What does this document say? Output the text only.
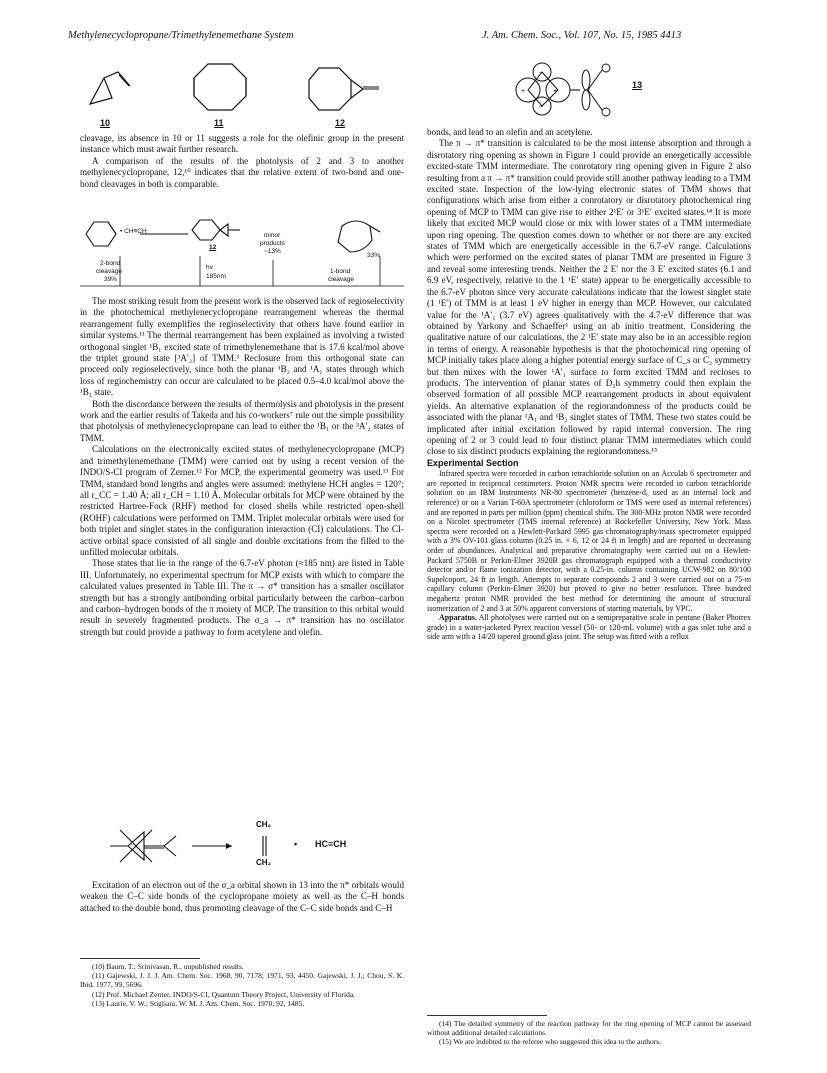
Methylenecyclopropane/Trimethylenemethane System	J. Am. Chem. Soc., Vol. 107, No. 15, 1985 4413
10	11	12

cleavage, its absence in 10 or 11 suggests a role for the olefinic group in the present instance which must await further research.

A comparison of the results of the photolysis of 2 and 3 to another methylenecyclopropane, 12,¹⁰ indicates that the relative extent of two-bond and one-bond cleavages in both is comparable.

• CH≡CH
12
minor
products
~13%
33%
2-bond
cleavage
39%
hν
185nm
1-bond
cleavage

The most striking result from the present work is the observed lack of regioselectivity in the photochemical methylenecyclopropane rearrangement whereas the thermal rearrangement fully exemplifies the regioselectivity that others have found earlier in similar systems.¹¹ The thermal rearrangement has been explained as involving a twisted orthogonal singlet ¹B₁ excited state of trimethylenemethane that is 17.6 kcal/mol above the triplet ground state [³A′₂] of TMM.³ Reclosure from this orthogonal state can proceed only regioselectively, since both the planar ¹B₂ and ¹A₁ states through which loss of regiochemistry can occur are calculated to be placed 0.5–4.0 kcal/mol above the ¹B₁ state.

Both the discordance between the results of thermolysis and photolysis in the present work and the earlier results of Takeda and his co-workers⁷ rule out the simple possibility that photolysis of methylenecyclopropane can lead to either the ¹B₁ or the ³A′₂ states of TMM.

Calculations on the electronically excited states of methylenecyclopropane (MCP) and trimethylenemethane (TMM) were carried out by using a recent version of the INDO/S-CI program of Zerner.¹² For MCP, the experimental geometry was used.¹³ For TMM, standard bond lengths and angles were assumed: methylene HCH angles = 120°; all r_CC = 1.40 Å; all r_CH = 1.10 Å. Molecular orbitals for MCP were obtained by the restricted Hartree-Fock (RHF) method for closed shells while restricted open-shell (ROHF) calculations were performed on TMM. Triplet molecular orbitals were used for both triplet and singlet states in the configuration interaction (CI) calculations. The CI-active orbital space consisted of all single and double excitations from the filled to the unfilled molecular orbitals.

Those states that lie in the range of the 6.7-eV photon (≈185 nm) are listed in Table III. Unfortunately, no experimental spectrum for MCP exists with which to compare the calculated values presented in Table III. The π → σ* transition has a smaller oscillator strength but has a strongly antibonding orbital particularly between the carbon–carbon and carbon–hydrogen bonds of the π moiety of MCP. The transition to this orbital would result in severely fragmented products. The σ_a → π* transition has no oscillator strength but could provide a pathway to form acetylene and olefin.

CH₂
CH₂
• HC≡CH

Excitation of an electron out of the σ_a orbital shown in 13 into the π* orbitals would weaken the C–C side bonds of the cyclopropane moiety as well as the C–H bonds attached to the double bond, thus promoting cleavage of the C–C side bonds and C–H

(10) Baum, T.; Srinivasan, R., unpublished results.

(11) Gajewski, J. J. J. Am. Chem. Soc. 1968, 90, 7178; 1971, 93, 4450. Gajewski, J. J.; Chou, S. K. Ibid. 1977, 99, 5696.

(12) Prof. Michael Zerner, INDO/S-CI, Quantum Theory Project, University of Florida.

(13) Laurie, V. W.; Stigliani, W. M. J. Am. Chem. Soc. 1970, 92, 1485.

+	+
−
−
13

bonds, and lead to an olefin and an acetylene.

The π → π* transition is calculated to be the most intense absorption and through a disrotatory ring opening as shown in Figure 1 could provide an energetically accessible excited-state TMM intermediate. The conrotatory ring opening given in Figure 2 also resulting from a π → π* transition could provide still another pathway leading to a TMM excited state. Inspection of the low-lying electronic states of TMM shows that configurations which arise from either a conrotatory or disrotatory photochemical ring opening of MCP to TMM can give rise to either 2¹E′ or 3¹E′ excited states.¹⁴ It is more likely that excited MCP would close or mix with lower states of a TMM intermediate upon ring opening. The question comes down to whether or not there are any excited states of TMM which are energetically accessible in the 6.7-eV range. Calculations which were performed on the excited states of planar TMM are presented in Figure 3 and reveal some interesting trends. Neither the 2 E′ nor the 3 E′ excited states (6.1 and 6.9 eV, respectively, relative to the 1 ¹E′ state) appear to be energetically accessible to the 6.7-eV photon since very accurate calculations indicate that the lowest singlet state (1 ¹E′) of TMM is at least 1 eV higher in energy than MCP. However, our calculated value for the ¹A′₁ (3.7 eV) agrees qualitatively with the 4.7-eV difference that was obtained by Yarkony and Schaeffer¹ using an ab initio treatment. Considering the qualitative nature of our calculations, the 2 ¹E′ state may also be in an accessible region in terms of energy. A reasonable hypothesis is that the photochemical ring opening of MCP initially takes place along a higher potential energy surface of C_s or C₂ symmetry but then mixes with the lower ¹A′₁ surface to form excited TMM and recloses to products. The intervention of planar states of D₃h symmetry could then explain the observed formation of all possible MCP rearrangement products in about equivalent yields. An alternative explanation of the regiorandomness of the products could be associated with the planar ¹A₁ and ¹B₂ singlet states of TMM. These two states could be implicated after initial excitation followed by rapid internal conversion. The ring opening of 2 or 3 could lead to four distinct planar TMM intermediates which could close to six distinct products explaining the regiorandomness.¹⁵

Experimental Section

Infrared spectra were recorded in carbon tetrachloride solution on an Acculab 6 spectrometer and are reported in reciprocal centimeters. Proton NMR spectra were recorded in carbon tetrachloride solution on an IBM Instruments NR-80 spectrometer (benzene-d₆ used as an internal lock and reference) or on a Varian T-60A spectrometer (chloroform or TMS were used as internal references) and are reported in parts per million (ppm) chemical shifts. The 300-MHz proton NMR were recorded on a Nicolet spectrometer (TMS internal reference) at Rockefeller University, New York. Mass spectra were recorded on a Hewlett-Packard 5995 gas chromatography/mass spectrometer equipped with a 3% OV-101 glass column (0.25 in. × 6, 12 or 24 ft in length) and are reported in decreasing order of abundances. Analytical and preparative chromatography were carried out on a Hewlett-Packard 5750B or Perkin-Elmer 3920B gas chromatograph equipped with a thermal conductivity detector and/or flame ionization detector, with a 0.25-in. column containing UCW-982 on 80/100 Supelcoport, 24 ft in length. Attempts to separate compounds 2 and 3 were carried out on a 75-m capillary column (Perkin-Elmer 3920) but proved to give no better resolution. Three hundred megahertz proton NMR provided the best method for determining the amount of structural isomerization of 2 and 3 at 50% apparent conversions of starting materials, by VPC.

Apparatus. All photolyses were carried out on a semipreparative scale in pentane (Baker Photrex grade) in a water-jacketed Pyrex reaction vessel (50- or 120-mL volume) with a gas inlet tube and a side arm with a 14/20 tapered ground glass joint. The setup was fitted with a reflux

(14) The detailed symmetry of the reaction pathway for the ring opening of MCP cannot be assessed without additional detailed calculations.

(15) We are indebted to the referee who suggested this idea to the authors.
